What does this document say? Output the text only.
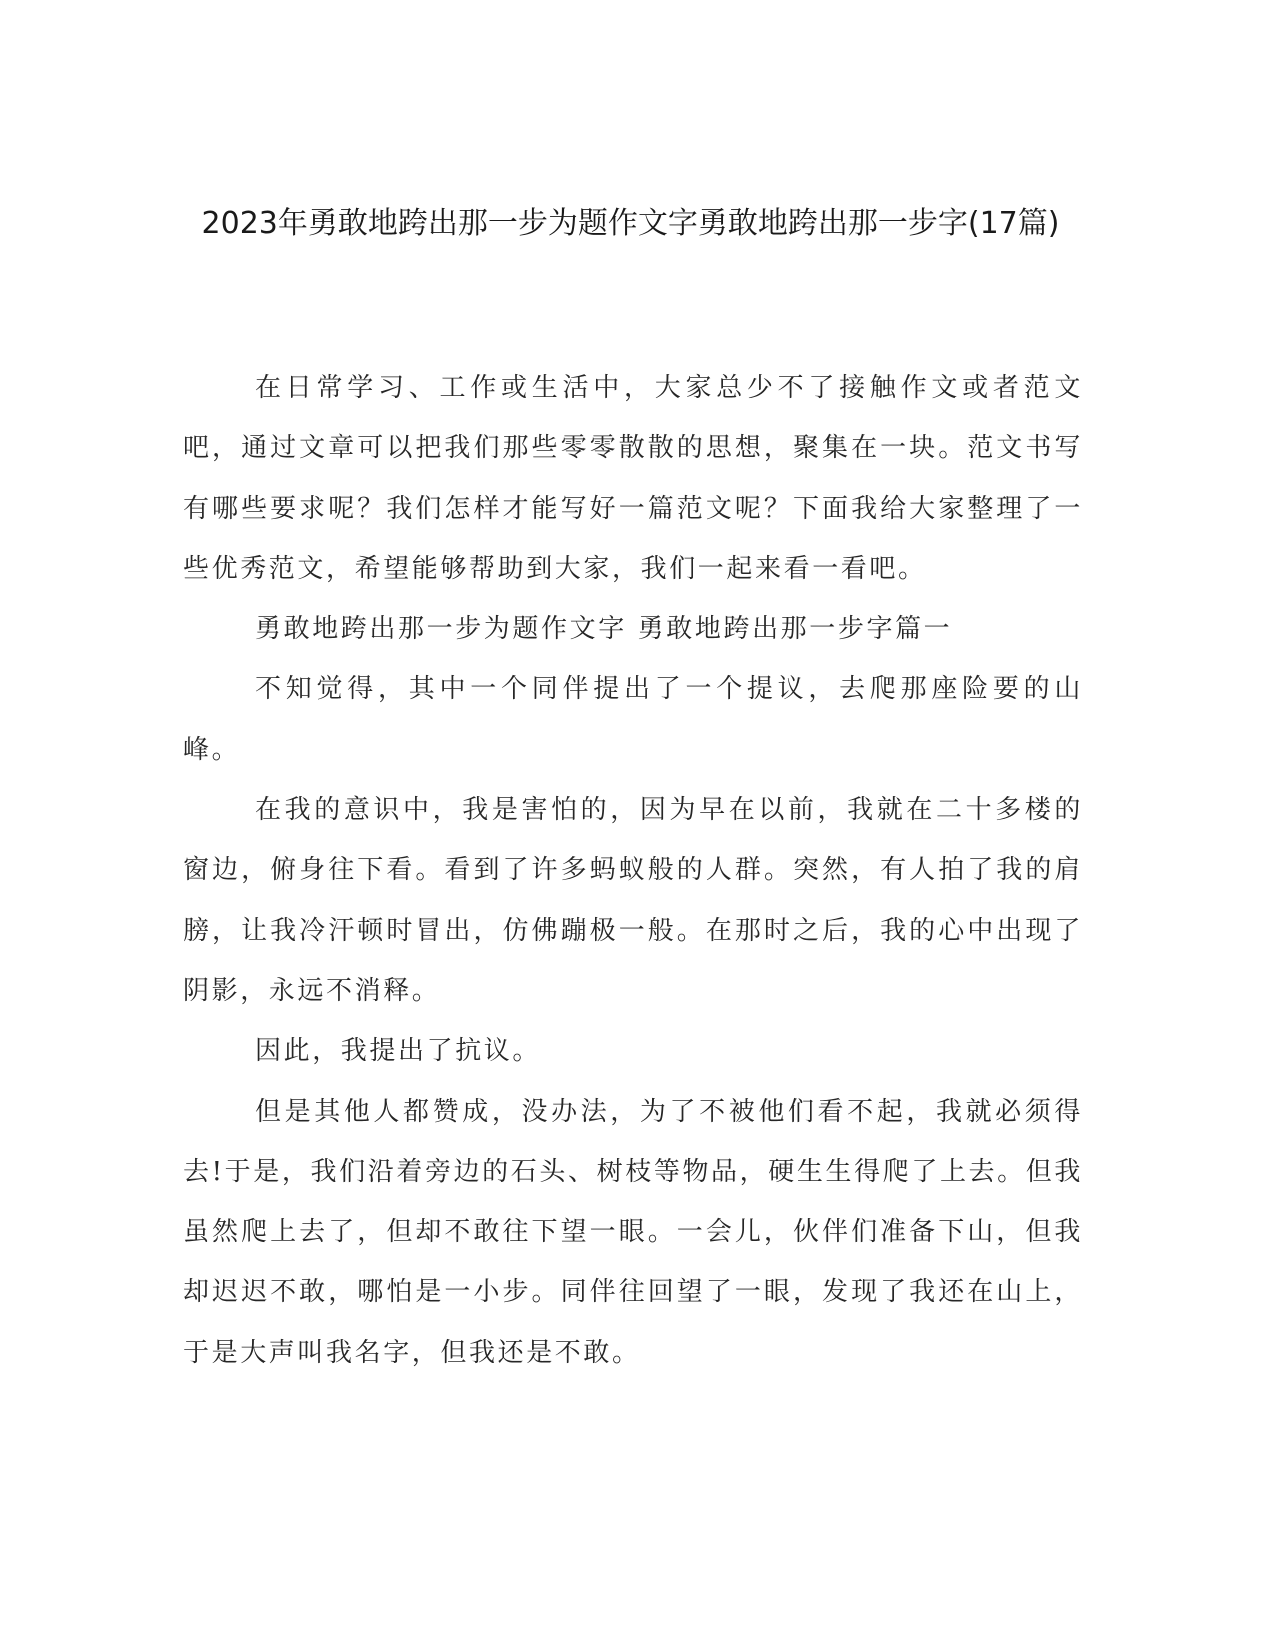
2023年勇敢地跨出那一步为题作文字勇敢地跨出那一步字(17篇)

在日常学习、工作或生活中，大家总少不了接触作文或者范文吧，通过文章可以把我们那些零零散散的思想，聚集在一块。范文书写有哪些要求呢？我们怎样才能写好一篇范文呢？下面我给大家整理了一些优秀范文，希望能够帮助到大家，我们一起来看一看吧。

勇敢地跨出那一步为题作文字 勇敢地跨出那一步字篇一

不知觉得，其中一个同伴提出了一个提议，去爬那座险要的山峰。

在我的意识中，我是害怕的，因为早在以前，我就在二十多楼的窗边，俯身往下看。看到了许多蚂蚁般的人群。突然，有人拍了我的肩膀，让我冷汗顿时冒出，仿佛蹦极一般。在那时之后，我的心中出现了阴影，永远不消释。

因此，我提出了抗议。

但是其他人都赞成，没办法，为了不被他们看不起，我就必须得去!于是，我们沿着旁边的石头、树枝等物品，硬生生得爬了上去。但我虽然爬上去了，但却不敢往下望一眼。一会儿，伙伴们准备下山，但我却迟迟不敢，哪怕是一小步。同伴往回望了一眼，发现了我还在山上，于是大声叫我名字，但我还是不敢。
